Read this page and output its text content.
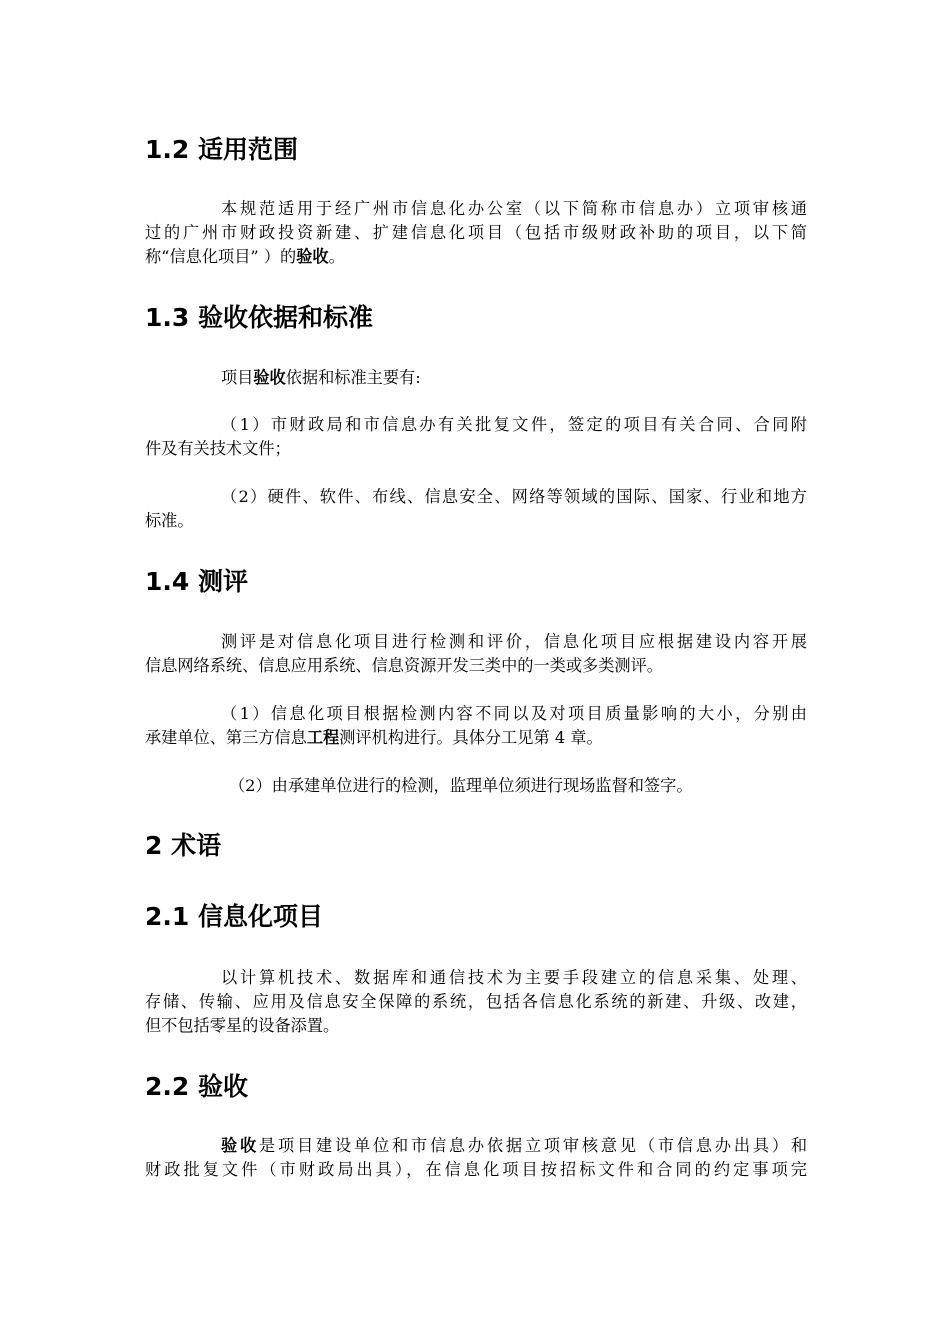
1.2 适用范围
本规范适用于经广州市信息化办公室（以下简称市信息办）立项审核通
过的广州市财政投资新建、扩建信息化项目（包括市级财政补助的项目，以下简
称“信息化项目” ）的验收。
1.3 验收依据和标准
项目验收依据和标准主要有:
（1）市财政局和市信息办有关批复文件，签定的项目有关合同、合同附
件及有关技术文件；
（2）硬件、软件、布线、信息安全、网络等领域的国际、国家、行业和地方
标准。
1.4 测评
测评是对信息化项目进行检测和评价，信息化项目应根据建设内容开展
信息网络系统、信息应用系统、信息资源开发三类中的一类或多类测评。
（1）信息化项目根据检测内容不同以及对项目质量影响的大小，分别由
承建单位、第三方信息工程测评机构进行。具体分工见第 4 章。
（2）由承建单位进行的检测，监理单位须进行现场监督和签字。
2 术语
2.1 信息化项目
以计算机技术、数据库和通信技术为主要手段建立的信息采集、处理、
存储、传输、应用及信息安全保障的系统，包括各信息化系统的新建、升级、改建，
但不包括零星的设备添置。
2.2 验收
验收是项目建设单位和市信息办依据立项审核意见（市信息办出具）和
财政批复文件（市财政局出具），在信息化项目按招标文件和合同的约定事项完
